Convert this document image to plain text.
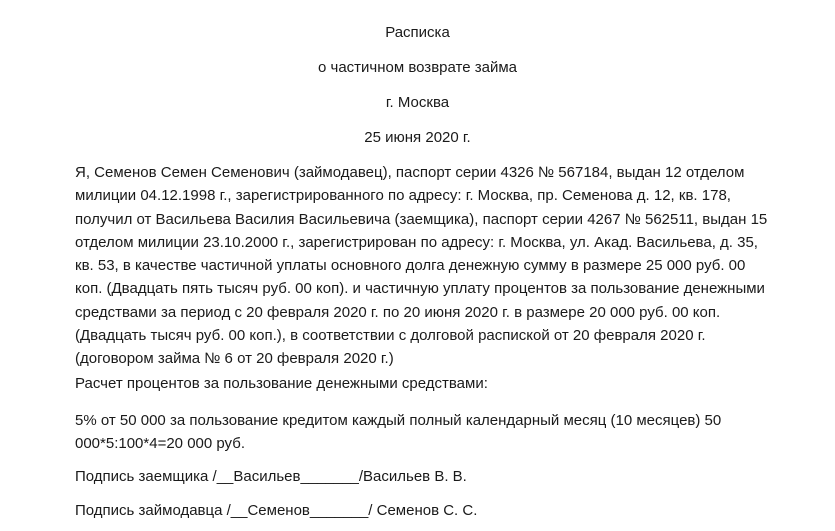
Расписка
о частичном возврате займа
г. Москва
25 июня 2020 г.
Я, Семенов Семен Семенович (займодавец), паспорт серии 4326 № 567184, выдан 12 отделом
милиции 04.12.1998 г., зарегистрированного по адресу: г. Москва, пр. Семенова д. 12, кв. 178,
получил от Васильева Василия Васильевича (заемщика), паспорт серии 4267 № 562511, выдан 15
отделом милиции 23.10.2000 г., зарегистрирован по адресу: г. Москва, ул. Акад. Васильева, д. 35,
кв. 53, в качестве частичной уплаты основного долга денежную сумму в размере 25 000 руб. 00
коп. (Двадцать пять тысяч руб. 00 коп). и частичную уплату процентов за пользование денежными
средствами за период с 20 февраля 2020 г. по 20 июня 2020 г. в размере 20 000 руб. 00 коп.
(Двадцать тысяч руб. 00 коп.), в соответствии с долговой распиской от 20 февраля 2020 г.
(договором займа № 6 от 20 февраля 2020 г.)
Расчет процентов за пользование денежными средствами:
5% от 50 000 за пользование кредитом каждый полный календарный месяц (10 месяцев) 50
000*5:100*4=20 000 руб.
Подпись заемщика /__Васильев_______/Васильев В. В.
Подпись займодавца /__Семенов_______/ Семенов С. С.
